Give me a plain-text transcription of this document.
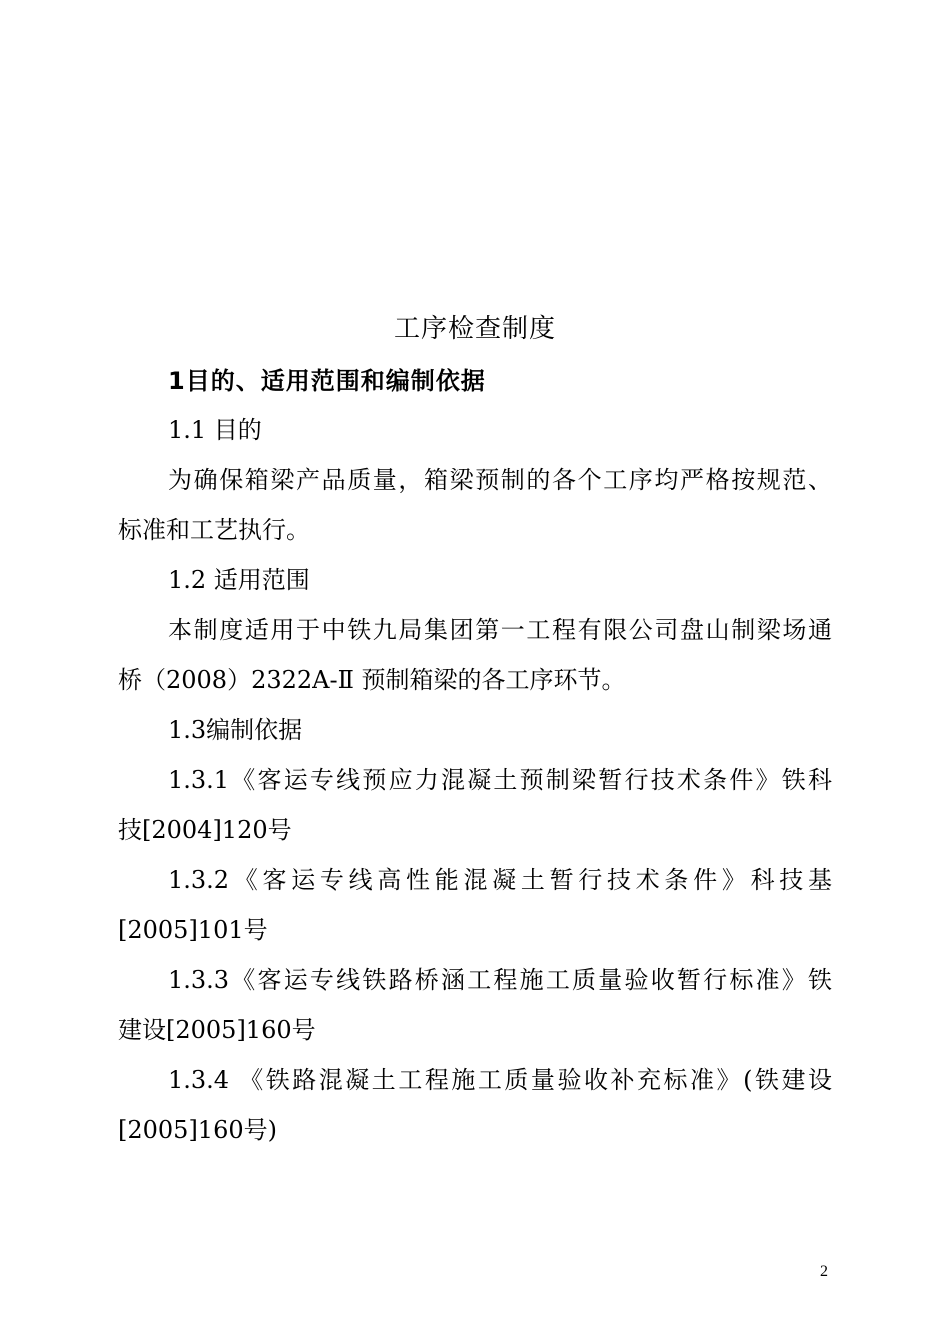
工序检查制度
1目的、适用范围和编制依据
1.1 目的
为确保箱梁产品质量，箱梁预制的各个工序均严格按规范、
标准和工艺执行。
1.2 适用范围
本制度适用于中铁九局集团第一工程有限公司盘山制梁场通
桥（2008）2322A-Ⅱ 预制箱梁的各工序环节。
1.3编制依据
1.3.1《客运专线预应力混凝土预制梁暂行技术条件》铁科
技[2004]120号
1.3.2《客运专线高性能混凝土暂行技术条件》科技基
[2005]101号
1.3.3《客运专线铁路桥涵工程施工质量验收暂行标准》铁
建设[2005]160号
1.3.4 《铁路混凝土工程施工质量验收补充标准》(铁建设
[2005]160号)
2
